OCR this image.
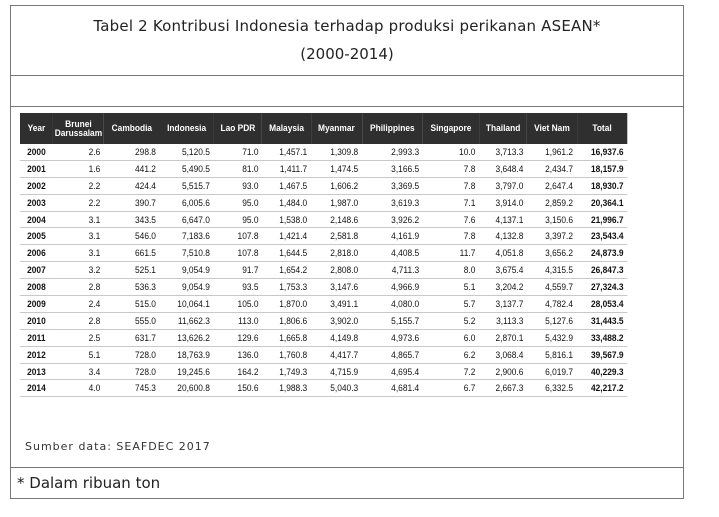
Tabel 2 Kontribusi Indonesia terhadap produksi perikanan ASEAN*
(2000-2014)
Year	Brunei Darussalam	Cambodia	Indonesia	Lao PDR	Malaysia	Myanmar	Philippines	Singapore	Thailand	Viet Nam	Total
2000	2.6	298.8	5,120.5	71.0	1,457.1	1,309.8	2,993.3	10.0	3,713.3	1,961.2	16,937.6
2001	1.6	441.2	5,490.5	81.0	1,411.7	1,474.5	3,166.5	7.8	3,648.4	2,434.7	18,157.9
2002	2.2	424.4	5,515.7	93.0	1,467.5	1,606.2	3,369.5	7.8	3,797.0	2,647.4	18,930.7
2003	2.2	390.7	6,005.6	95.0	1,484.0	1,987.0	3,619.3	7.1	3,914.0	2,859.2	20,364.1
2004	3.1	343.5	6,647.0	95.0	1,538.0	2,148.6	3,926.2	7.6	4,137.1	3,150.6	21,996.7
2005	3.1	546.0	7,183.6	107.8	1,421.4	2,581.8	4,161.9	7.8	4,132.8	3,397.2	23,543.4
2006	3.1	661.5	7,510.8	107.8	1,644.5	2,818.0	4,408.5	11.7	4,051.8	3,656.2	24,873.9
2007	3.2	525.1	9,054.9	91.7	1,654.2	2,808.0	4,711.3	8.0	3,675.4	4,315.5	26,847.3
2008	2.8	536.3	9,054.9	93.5	1,753.3	3,147.6	4,966.9	5.1	3,204.2	4,559.7	27,324.3
2009	2.4	515.0	10,064.1	105.0	1,870.0	3,491.1	4,080.0	5.7	3,137.7	4,782.4	28,053.4
2010	2.8	555.0	11,662.3	113.0	1,806.6	3,902.0	5,155.7	5.2	3,113.3	5,127.6	31,443.5
2011	2.5	631.7	13,626.2	129.6	1,665.8	4,149.8	4,973.6	6.0	2,870.1	5,432.9	33,488.2
2012	5.1	728.0	18,763.9	136.0	1,760.8	4,417.7	4,865.7	6.2	3,068.4	5,816.1	39,567.9
2013	3.4	728.0	19,245.6	164.2	1,749.3	4,715.9	4,695.4	7.2	2,900.6	6,019.7	40,229.3
2014	4.0	745.3	20,600.8	150.6	1,988.3	5,040.3	4,681.4	6.7	2,667.3	6,332.5	42,217.2
Sumber data: SEAFDEC 2017
* Dalam ribuan ton
